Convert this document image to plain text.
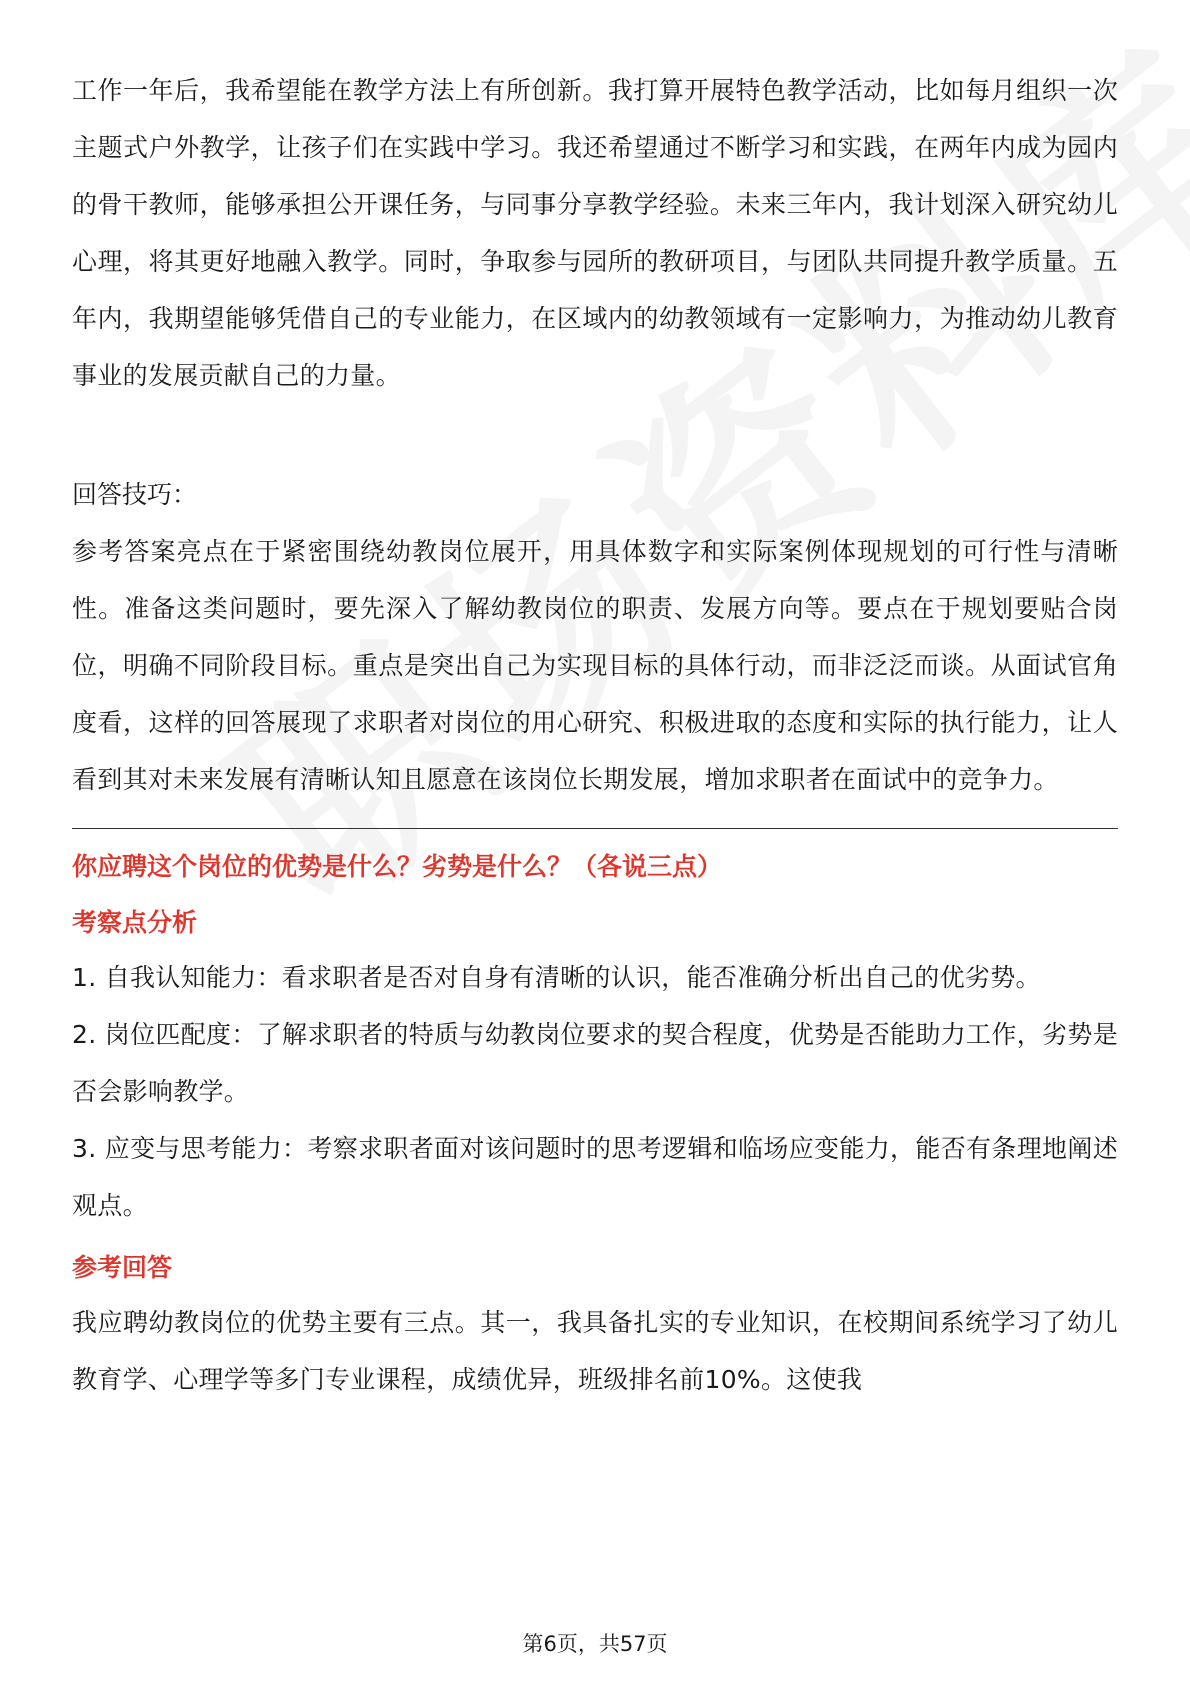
工作一年后，我希望能在教学方法上有所创新。我打算开展特色教学活动，比如每月组织一次主题式户外教学，让孩子们在实践中学习。我还希望通过不断学习和实践，在两年内成为园内的骨干教师，能够承担公开课任务，与同事分享教学经验。未来三年内，我计划深入研究幼儿心理，将其更好地融入教学。同时，争取参与园所的教研项目，与团队共同提升教学质量。五年内，我期望能够凭借自己的专业能力，在区域内的幼教领域有一定影响力，为推动幼儿教育事业的发展贡献自己的力量。

回答技巧：

参考答案亮点在于紧密围绕幼教岗位展开，用具体数字和实际案例体现规划的可行性与清晰性。准备这类问题时，要先深入了解幼教岗位的职责、发展方向等。要点在于规划要贴合岗位，明确不同阶段目标。重点是突出自己为实现目标的具体行动，而非泛泛而谈。从面试官角度看，这样的回答展现了求职者对岗位的用心研究、积极进取的态度和实际的执行能力，让人看到其对未来发展有清晰认知且愿意在该岗位长期发展，增加求职者在面试中的竞争力。

你应聘这个岗位的优势是什么？劣势是什么？（各说三点）

考察点分析

1. 自我认知能力：看求职者是否对自身有清晰的认识，能否准确分析出自己的优劣势。

2. 岗位匹配度：了解求职者的特质与幼教岗位要求的契合程度，优势是否能助力工作，劣势是否会影响教学。

3. 应变与思考能力：考察求职者面对该问题时的思考逻辑和临场应变能力，能否有条理地阐述观点。

参考回答

我应聘幼教岗位的优势主要有三点。其一，我具备扎实的专业知识，在校期间系统学习了幼儿教育学、心理学等多门专业课程，成绩优异，班级排名前10%。这使我

第6页，共57页
